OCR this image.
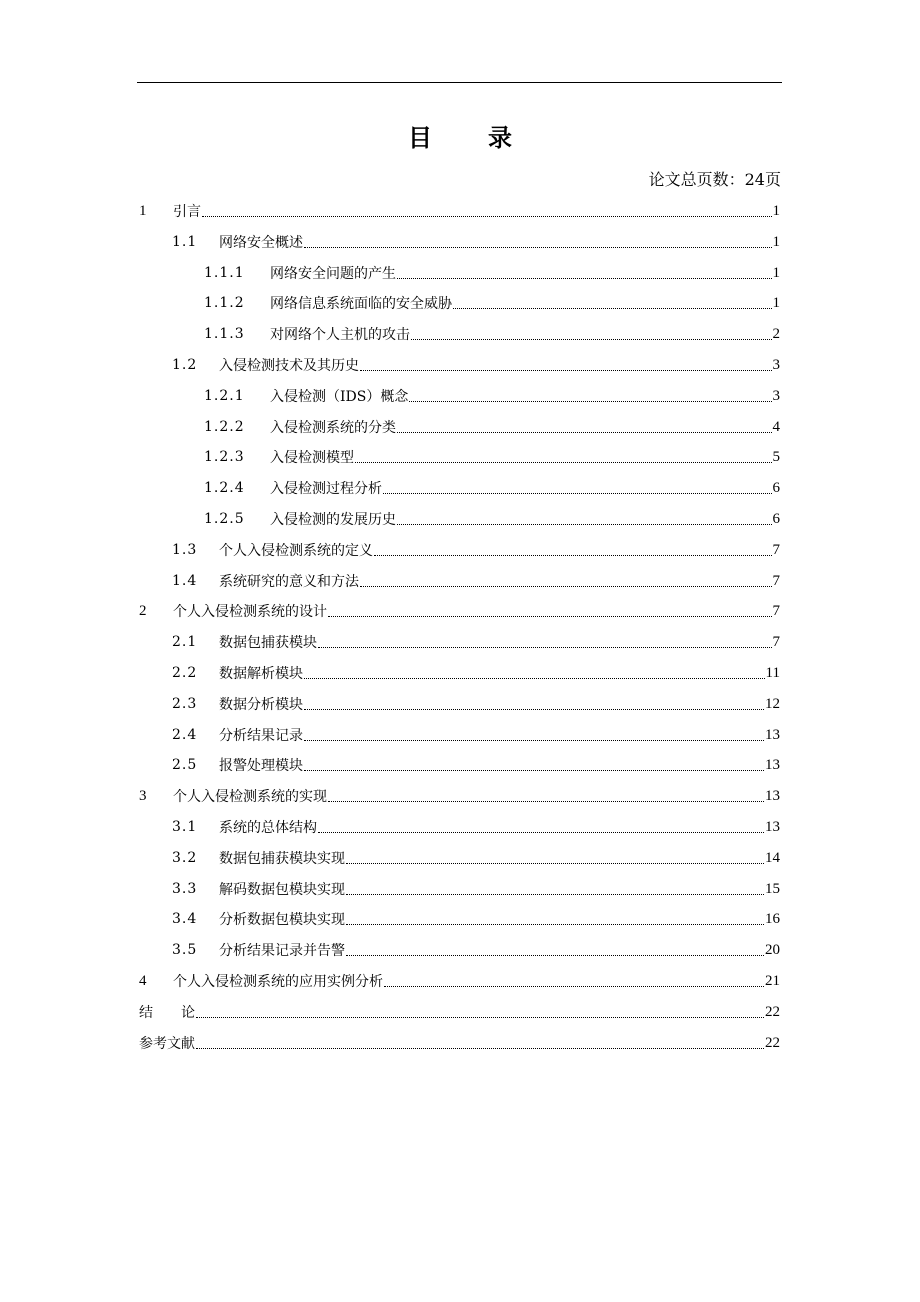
目 录
论文总页数：24页
1	引言	1
1.1	网络安全概述	1
1.1.1	网络安全问题的产生	1
1.1.2	网络信息系统面临的安全威胁	1
1.1.3	对网络个人主机的攻击	2
1.2	入侵检测技术及其历史	3
1.2.1	入侵检测（IDS）概念	3
1.2.2	入侵检测系统的分类	4
1.2.3	入侵检测模型	5
1.2.4	入侵检测过程分析	6
1.2.5	入侵检测的发展历史	6
1.3	个人入侵检测系统的定义	7
1.4	系统研究的意义和方法	7
2	个人入侵检测系统的设计	7
2.1	数据包捕获模块	7
2.2	数据解析模块	11
2.3	数据分析模块	12
2.4	分析结果记录	13
2.5	报警处理模块	13
3	个人入侵检测系统的实现	13
3.1	系统的总体结构	13
3.2	数据包捕获模块实现	14
3.3	解码数据包模块实现	15
3.4	分析数据包模块实现	16
3.5	分析结果记录并告警	20
4	个人入侵检测系统的应用实例分析	21
结　　论	22
参考文献	22
